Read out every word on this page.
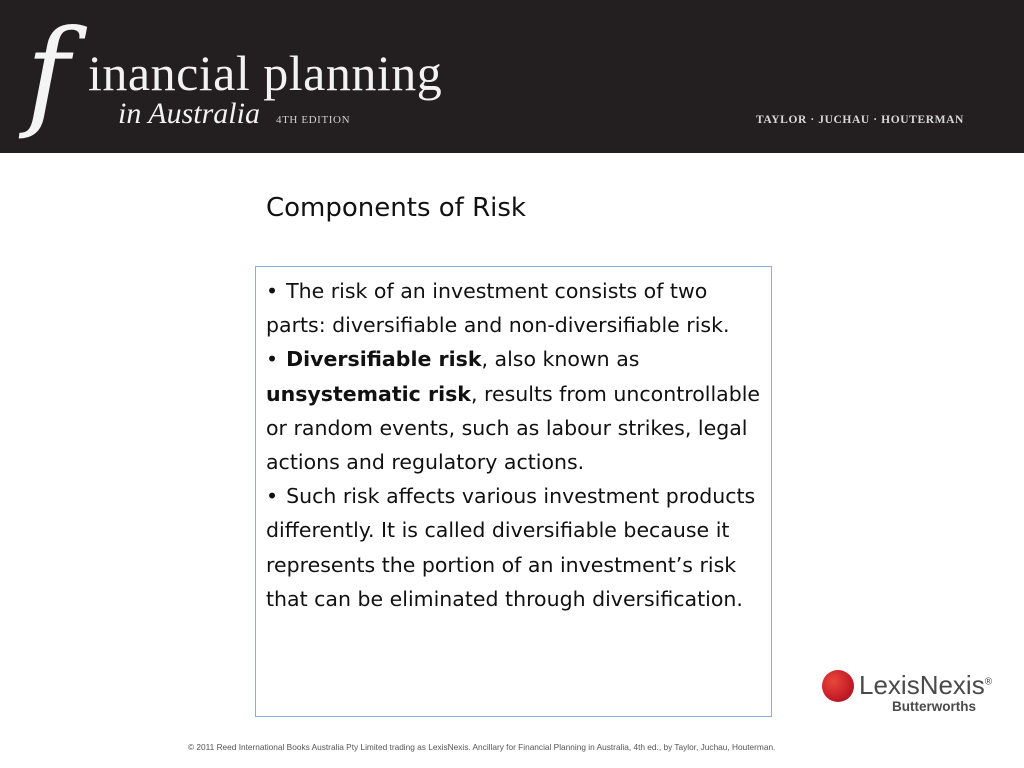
f inancial planning
in Australia 4TH EDITION	TAYLOR · JUCHAU · HOUTERMAN
Components of Risk

• The risk of an investment consists of two parts: diversifiable and non-diversifiable risk.

• Diversifiable risk, also known as unsystematic risk, results from uncontrollable or random events, such as labour strikes, legal actions and regulatory actions.

• Such risk affects various investment products differently. It is called diversifiable because it represents the portion of an investment’s risk that can be eliminated through diversification.

LexisNexis®
Butterworths
© 2011 Reed International Books Australia Pty Limited trading as LexisNexis. Ancillary for Financial Planning in Australia, 4th ed., by Taylor, Juchau, Houterman.
